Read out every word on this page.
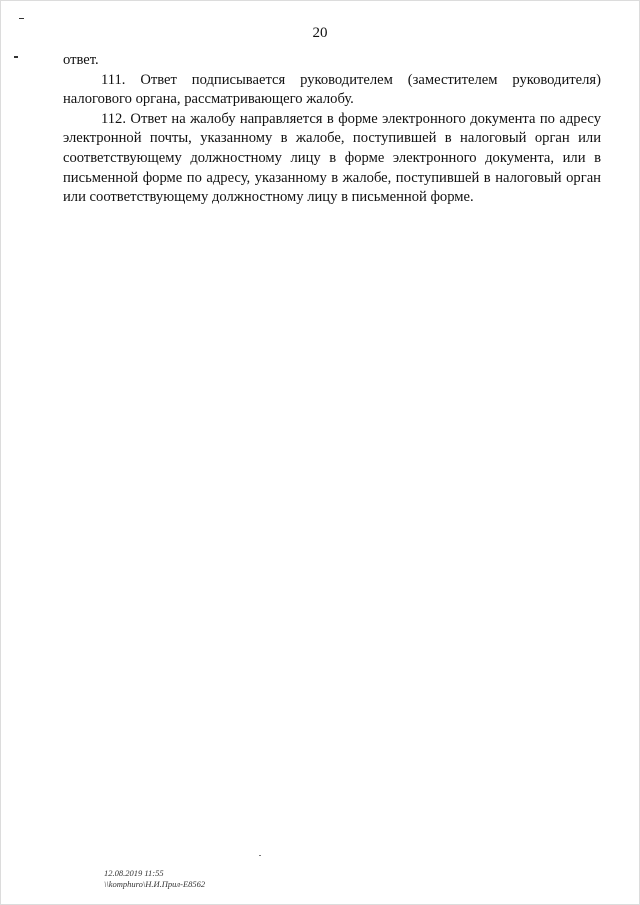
20

ответ.

111. Ответ подписывается руководителем (заместителем руководителя) налогового органа, рассматривающего жалобу.

112. Ответ на жалобу направляется в форме электронного документа по адресу электронной почты, указанному в жалобе, поступившей в налоговый орган или соответствующему должностному лицу в форме электронного документа, или в письменной форме по адресу, указанному в жалобе, поступившей в налоговый орган или соответствующему должностному лицу в письменной форме.

12.08.2019 11:55
\\komphuro\Н.И.Прил-Е8562
